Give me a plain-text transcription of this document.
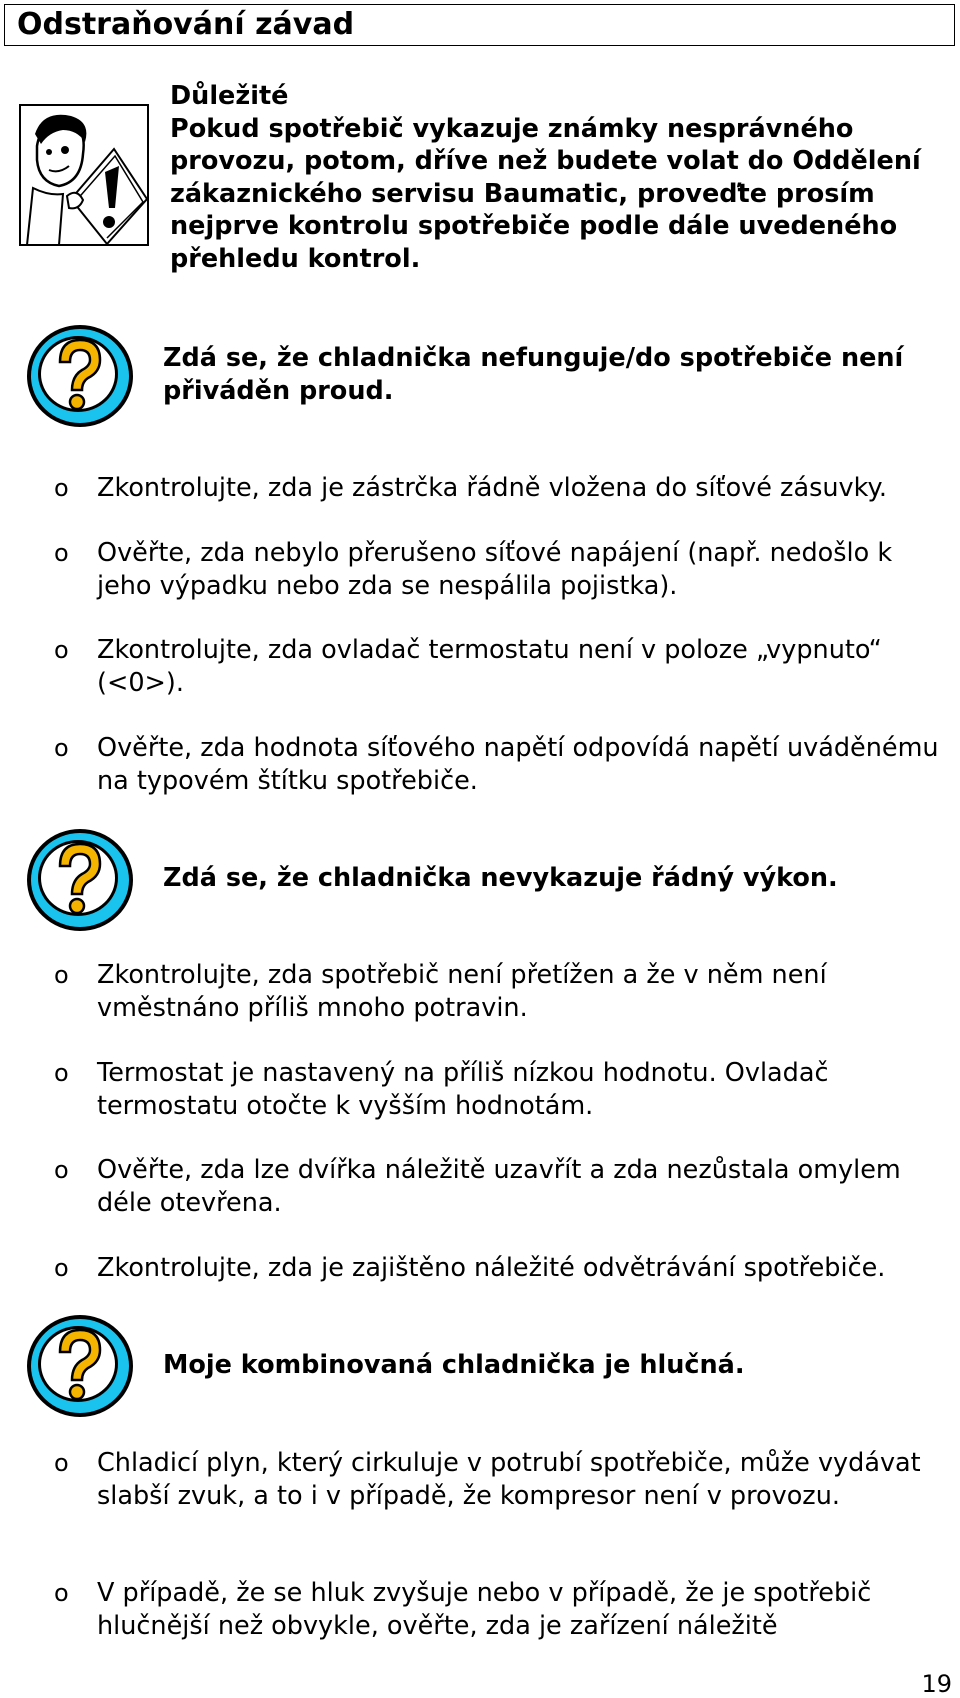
Odstraňování závad
Důležité
Pokud spotřebič vykazuje známky nesprávného provozu, potom, dříve než budete volat do Oddělení zákaznického servisu Baumatic, proveďte prosím nejprve kontrolu spotřebiče podle dále uvedeného přehledu kontrol.
Zdá se, že chladnička nefunguje/do spotřebiče není přiváděn proud.
o Zkontrolujte, zda je zástrčka řádně vložena do síťové zásuvky.
o Ověřte, zda nebylo přerušeno síťové napájení (např. nedošlo k jeho výpadku nebo zda se nespálila pojistka).
o Zkontrolujte, zda ovladač termostatu není v poloze „vypnuto“ (<0>).
o Ověřte, zda hodnota síťového napětí odpovídá napětí uváděnému na typovém štítku spotřebiče.
Zdá se, že chladnička nevykazuje řádný výkon.
o Zkontrolujte, zda spotřebič není přetížen a že v něm není vměstnáno příliš mnoho potravin.
o Termostat je nastavený na příliš nízkou hodnotu. Ovladač termostatu otočte k vyšším hodnotám.
o Ověřte, zda lze dvířka náležitě uzavřít a zda nezůstala omylem déle otevřena.
o Zkontrolujte, zda je zajištěno náležité odvětrávání spotřebiče.
Moje kombinovaná chladnička je hlučná.
o Chladicí plyn, který cirkuluje v potrubí spotřebiče, může vydávat slabší zvuk, a to i v případě, že kompresor není v provozu.
o V případě, že se hluk zvyšuje nebo v případě, že je spotřebič hlučnější než obvykle, ověřte, zda je zařízení náležitě
19
